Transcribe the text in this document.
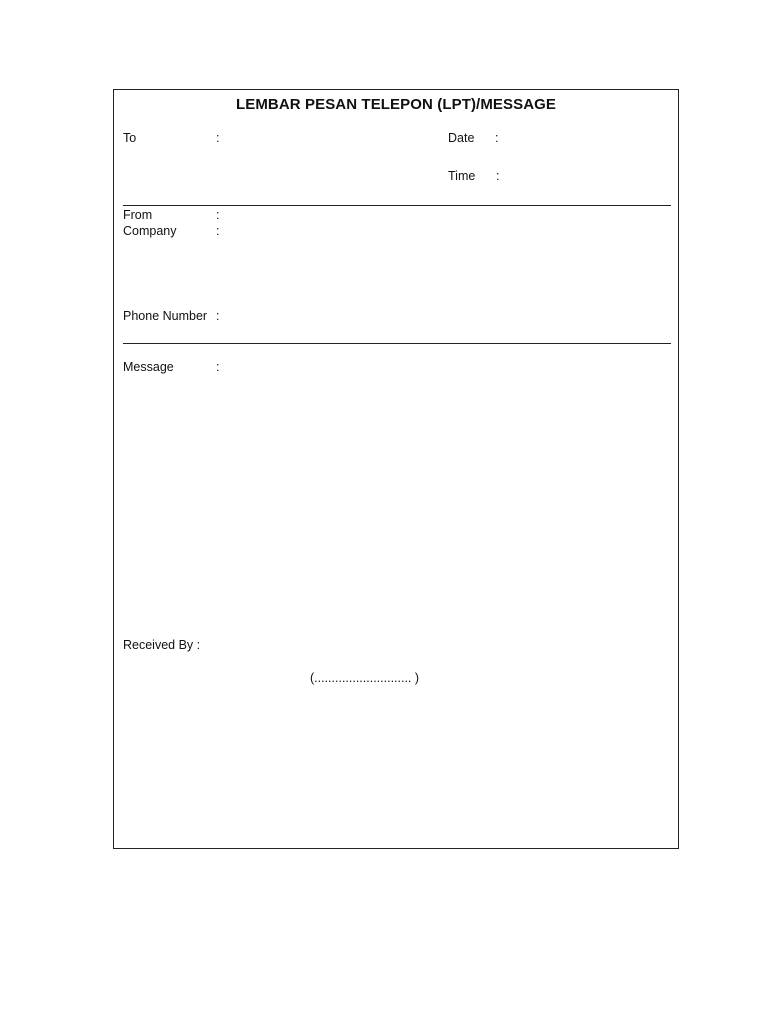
LEMBAR PESAN TELEPON (LPT)/MESSAGE
To	:	Date :
Time :
From	:
Company	:
Phone Number :
Message	:
Received By :
(............................ )
